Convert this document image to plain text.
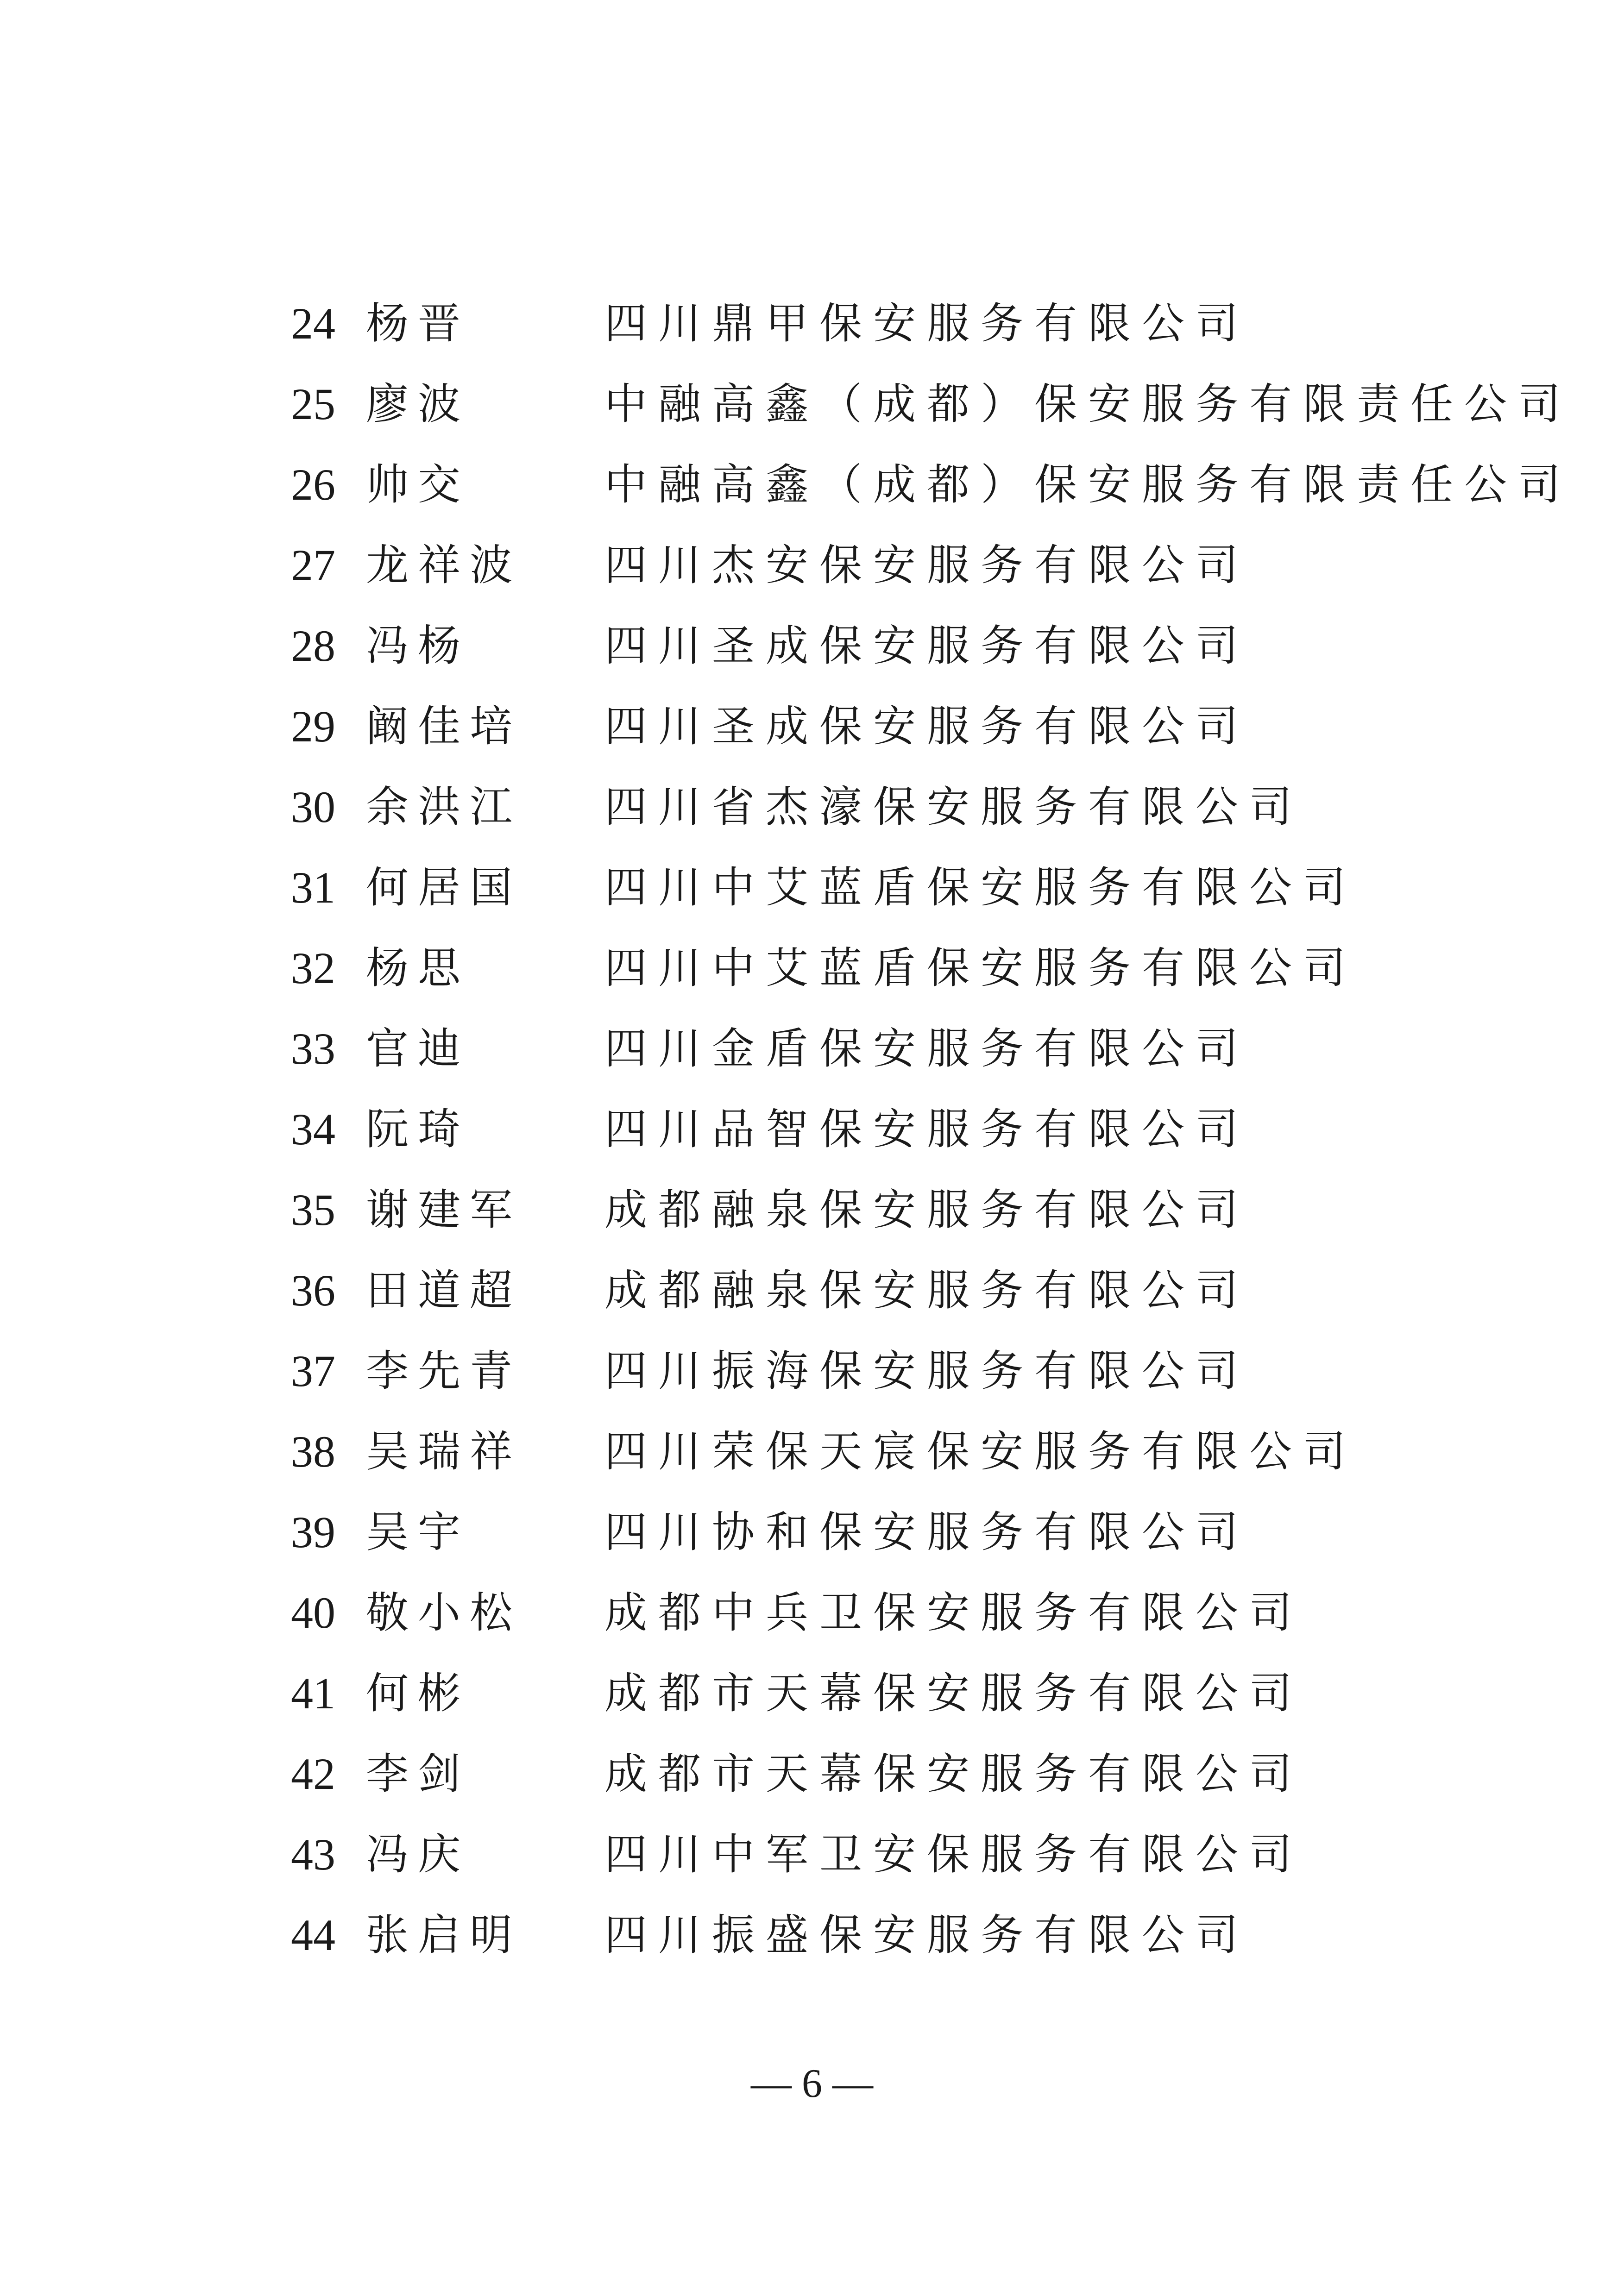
24 杨晋	四川鼎甲保安服务有限公司
25 廖波	中融高鑫（成都）保安服务有限责任公司
26 帅交	中融高鑫（成都）保安服务有限责任公司
27 龙祥波 四川杰安保安服务有限公司
28 冯杨	四川圣成保安服务有限公司
29 阚佳培 四川圣成保安服务有限公司
30 余洪江 四川省杰濠保安服务有限公司
31 何居国 四川中艾蓝盾保安服务有限公司
32 杨思	四川中艾蓝盾保安服务有限公司
33 官迪	四川金盾保安服务有限公司
34 阮琦	四川品智保安服务有限公司
35 谢建军 成都融泉保安服务有限公司
36 田道超 成都融泉保安服务有限公司
37 李先青 四川振海保安服务有限公司
38 吴瑞祥 四川荣保天宸保安服务有限公司
39 吴宇	四川协和保安服务有限公司
40 敬小松 成都中兵卫保安服务有限公司
41 何彬	成都市天幕保安服务有限公司
42 李剑	成都市天幕保安服务有限公司
43 冯庆	四川中军卫安保服务有限公司
44 张启明 四川振盛保安服务有限公司
— 6 —
